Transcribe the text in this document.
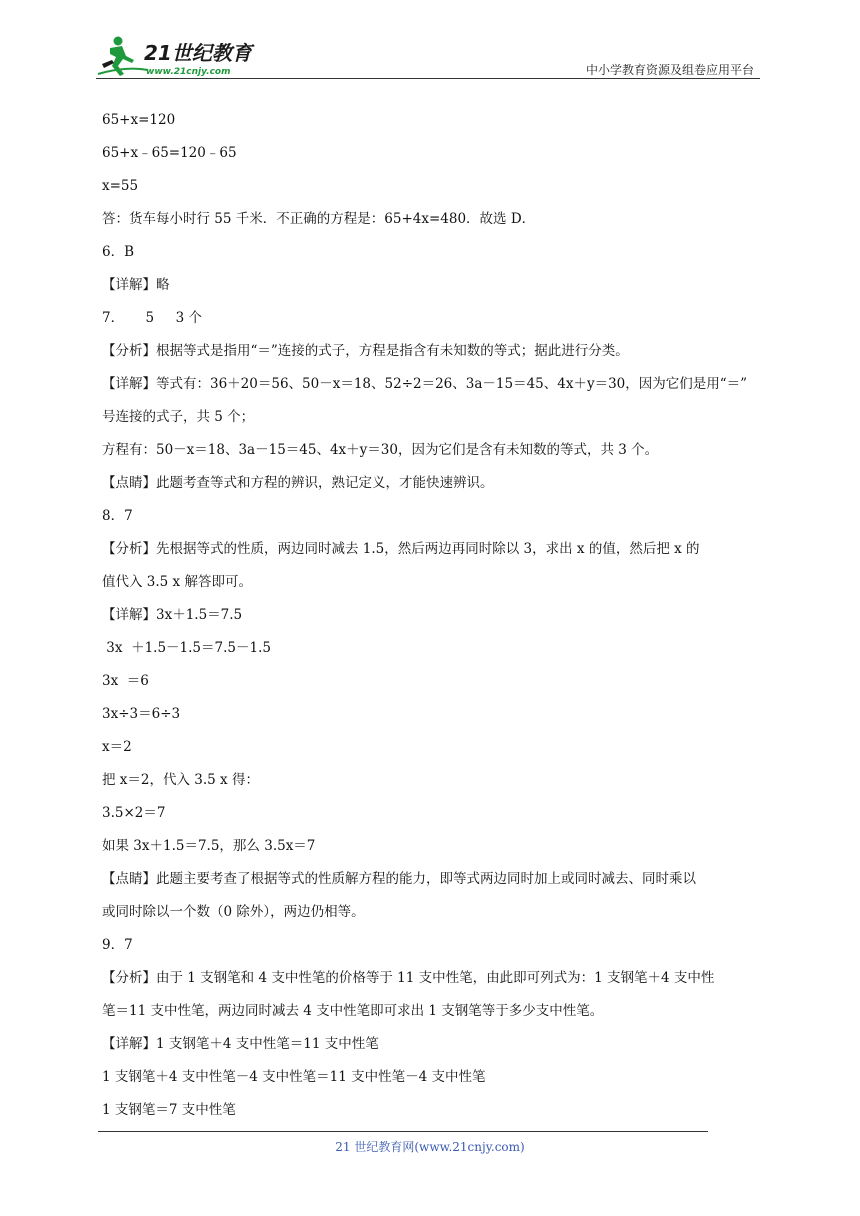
21世纪教育
www.21cnjy.com	中小学教育资源及组卷应用平台

65+x=120

65+x﹣65=120﹣65

x=55

答：货车每小时行 55 千米．不正确的方程是：65+4x=480．故选 D．

6．B

【详解】略

7．     5     3 个

【分析】根据等式是指用“＝”连接的式子，方程是指含有未知数的等式；据此进行分类。

【详解】等式有：36＋20＝56、50－x＝18、52÷2＝26、3a－15＝45、4x＋y＝30，因为它们是用“＝”

号连接的式子，共 5 个；

方程有：50－x＝18、3a－15＝45、4x＋y＝30，因为它们是含有未知数的等式，共 3 个。

【点睛】此题考查等式和方程的辨识，熟记定义，才能快速辨识。

8．7

【分析】先根据等式的性质，两边同时减去 1.5，然后两边再同时除以 3，求出 x 的值，然后把 x 的

值代入 3.5 x 解答即可。

【详解】3x＋1.5＝7.5

3x  ＋1.5－1.5＝7.5－1.5

3x  ＝6

3x÷3＝6÷3

x＝2

把 x＝2，代入 3.5 x 得：

3.5×2＝7

如果 3x＋1.5＝7.5，那么 3.5x＝7

【点睛】此题主要考查了根据等式的性质解方程的能力，即等式两边同时加上或同时减去、同时乘以

或同时除以一个数（0 除外），两边仍相等。

9．7

【分析】由于 1 支钢笔和 4 支中性笔的价格等于 11 支中性笔，由此即可列式为：1 支钢笔＋4 支中性

笔＝11 支中性笔，两边同时减去 4 支中性笔即可求出 1 支钢笔等于多少支中性笔。

【详解】1 支钢笔＋4 支中性笔＝11 支中性笔

1 支钢笔＋4 支中性笔－4 支中性笔＝11 支中性笔－4 支中性笔

1 支钢笔＝7 支中性笔

21 世纪教育网(www.21cnjy.com)
